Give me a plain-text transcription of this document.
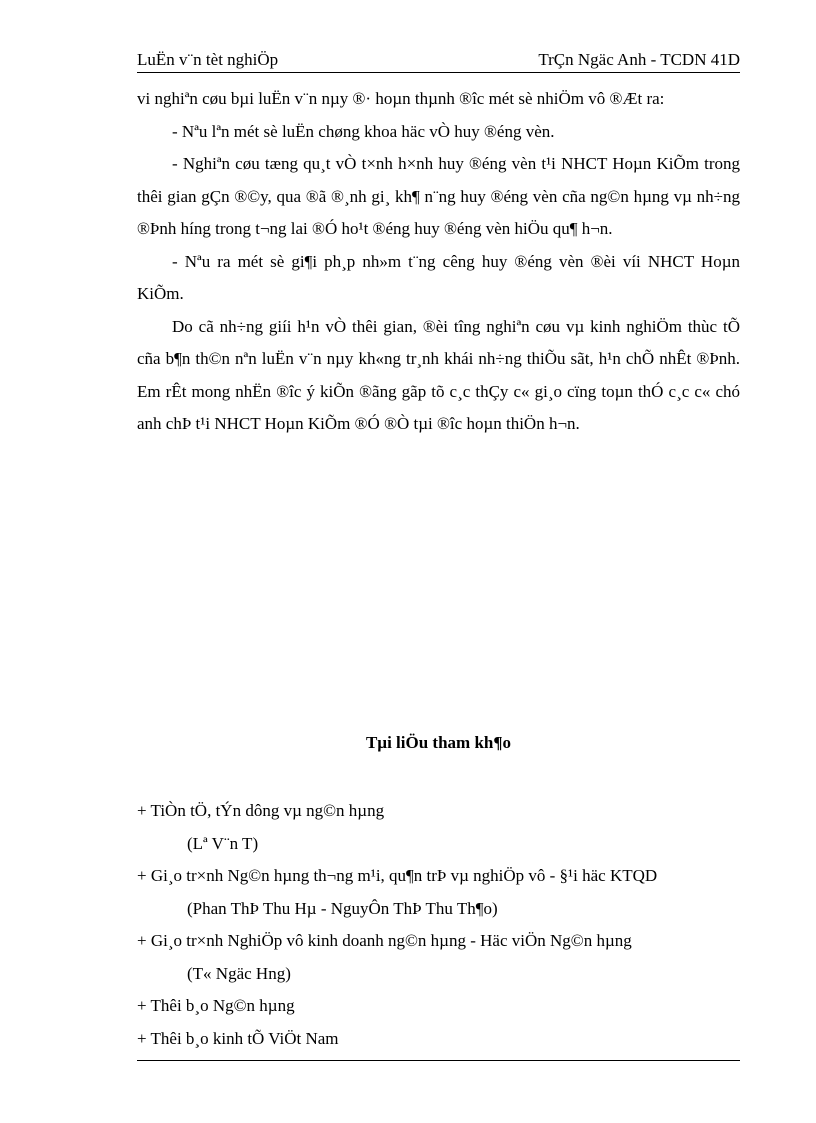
LuËn v¨n tèt nghiÖp	TrÇn Ngäc Anh - TCDN 41D

vi nghiªn cøu bµi luËn v¨n nµy ®· hoµn thµnh ®îc mét sè nhiÖm vô ®Æt ra:

- Nªu lªn mét sè luËn chøng khoa häc vÒ huy ®éng vèn.

- Nghiªn cøu tæng qu¸t vÒ t×nh h×nh huy ®éng vèn t¹i NHCT Hoµn KiÕm trong thêi gian gÇn ®©y, qua ®ã ®¸nh gi¸ kh¶ n¨ng huy ®éng vèn cña ng©n hµng vµ nh÷ng ®Þnh híng trong t¬ng lai ®Ó ho¹t ®éng huy ®éng vèn hiÖu qu¶ h¬n.

- Nªu ra mét sè gi¶i ph¸p nh»m t¨ng cêng huy ®éng vèn ®èi víi NHCT Hoµn KiÕm.

Do cã nh÷ng giíi h¹n vÒ thêi gian, ®èi tîng nghiªn cøu vµ kinh nghiÖm thùc tÕ cña b¶n th©n nªn luËn v¨n nµy kh«ng tr¸nh khái nh÷ng thiÕu sãt, h¹n chÕ nhÊt ®Þnh. Em rÊt mong nhËn ®îc ý kiÕn ®ãng gãp tõ c¸c thÇy c« gi¸o cïng toµn thÓ c¸c c« chó anh chÞ t¹i NHCT Hoµn KiÕm ®Ó ®Ò tµi ®îc hoµn thiÖn h¬n.

Tµi liÖu tham kh¶o
+ TiÒn tÖ, tÝn dông vµ ng©n hµng
(Lª V¨n T)
+ Gi¸o tr×nh Ng©n hµng th¬ng m¹i, qu¶n trÞ vµ nghiÖp vô - §¹i häc KTQD
(Phan ThÞ Thu Hµ - NguyÔn ThÞ Thu Th¶o)
+ Gi¸o tr×nh NghiÖp vô kinh doanh ng©n hµng - Häc viÖn Ng©n hµng
(T« Ngäc Hng)
+ Thêi b¸o Ng©n hµng
+ Thêi b¸o kinh tÕ ViÖt Nam
